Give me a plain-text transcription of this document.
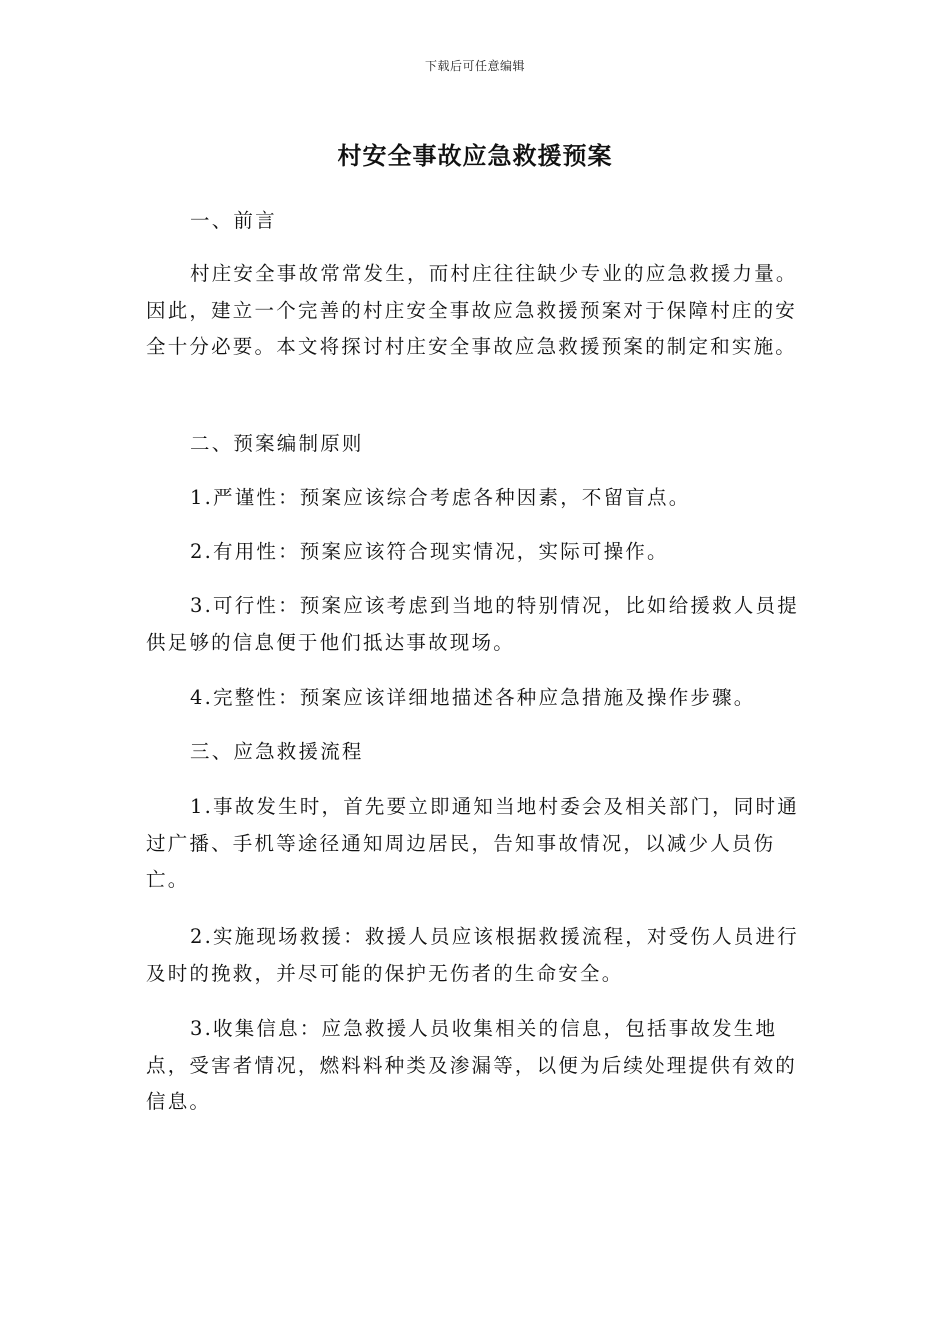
下载后可任意编辑
村安全事故应急救援预案
一、前言
村庄安全事故常常发生，而村庄往往缺少专业的应急救援力量。因此，建立一个完善的村庄安全事故应急救援预案对于保障村庄的安全十分必要。本文将探讨村庄安全事故应急救援预案的制定和实施。
二、预案编制原则
1.严谨性：预案应该综合考虑各种因素，不留盲点。
2.有用性：预案应该符合现实情况，实际可操作。
3.可行性：预案应该考虑到当地的特别情况，比如给援救人员提供足够的信息便于他们抵达事故现场。
4.完整性：预案应该详细地描述各种应急措施及操作步骤。
三、应急救援流程
1.事故发生时，首先要立即通知当地村委会及相关部门，同时通过广播、手机等途径通知周边居民，告知事故情况，以减少人员伤亡。
2.实施现场救援：救援人员应该根据救援流程，对受伤人员进行及时的挽救，并尽可能的保护无伤者的生命安全。
3.收集信息：应急救援人员收集相关的信息，包括事故发生地点，受害者情况，燃料料种类及渗漏等，以便为后续处理提供有效的信息。
